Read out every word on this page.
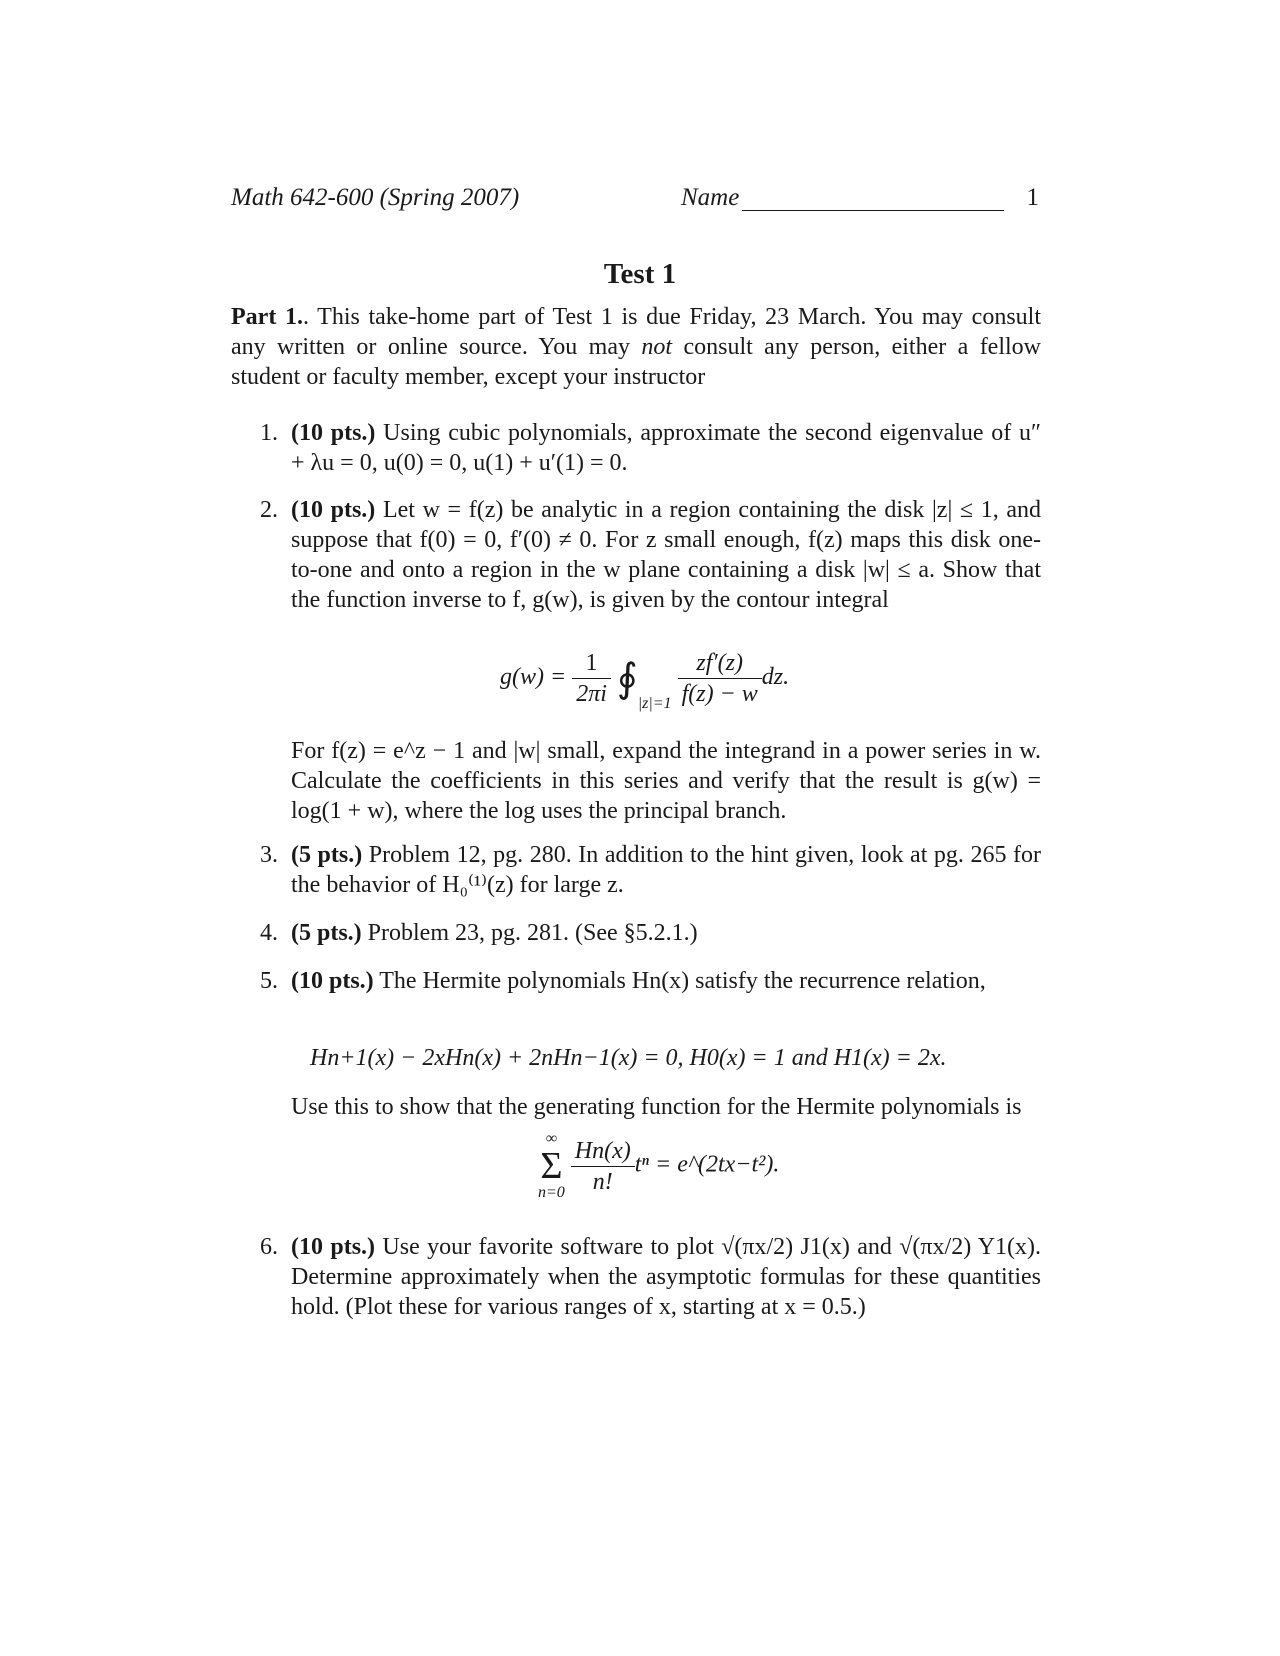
Math 642-600 (Spring 2007)	Name	1
Test 1
Part 1.. This take-home part of Test 1 is due Friday, 23 March. You may consult any written or online source. You may not consult any person, either a fellow student or faculty member, except your instructor
1. (10 pts.) Using cubic polynomials, approximate the second eigenvalue of u″ + λu = 0, u(0) = 0, u(1) + u′(1) = 0.
2. (10 pts.) Let w = f(z) be analytic in a region containing the disk |z| ≤ 1, and suppose that f(0) = 0, f′(0) ≠ 0. For z small enough, f(z) maps this disk one-to-one and onto a region in the w plane containing a disk |w| ≤ a. Show that the function inverse to f, g(w), is given by the contour integral
$g(w) = \frac{1}{2\pi i}$ $∮_{|z|=1} \frac{zf'(z)}{f(z) - w}$ dz.
For f(z) = e^z − 1 and |w| small, expand the integrand in a power series in w. Calculate the coefficients in this series and verify that the result is g(w) = log(1 + w), where the log uses the principal branch.
3. (5 pts.) Problem 12, pg. 280. In addition to the hint given, look at pg. 265 for the behavior of H₀⁽¹⁾(z) for large z.
4. (5 pts.) Problem 23, pg. 281. (See §5.2.1.)
5. (10 pts.) The Hermite polynomials Hn(x) satisfy the recurrence relation,
Hn+1(x) − 2xHn(x) + 2nHn−1(x) = 0, H0(x) = 1 and H1(x) = 2x.
Use this to show that the generating function for the Hermite polynomials is
∞
Σ
n=0
$\frac{Hn(x)}{n!}$ tⁿ = e^(2tx−t²).
6. (10 pts.) Use your favorite software to plot √(πx/2) J1(x) and √(πx/2) Y1(x). Determine approximately when the asymptotic formulas for these quantities hold. (Plot these for various ranges of x, starting at x = 0.5.)
